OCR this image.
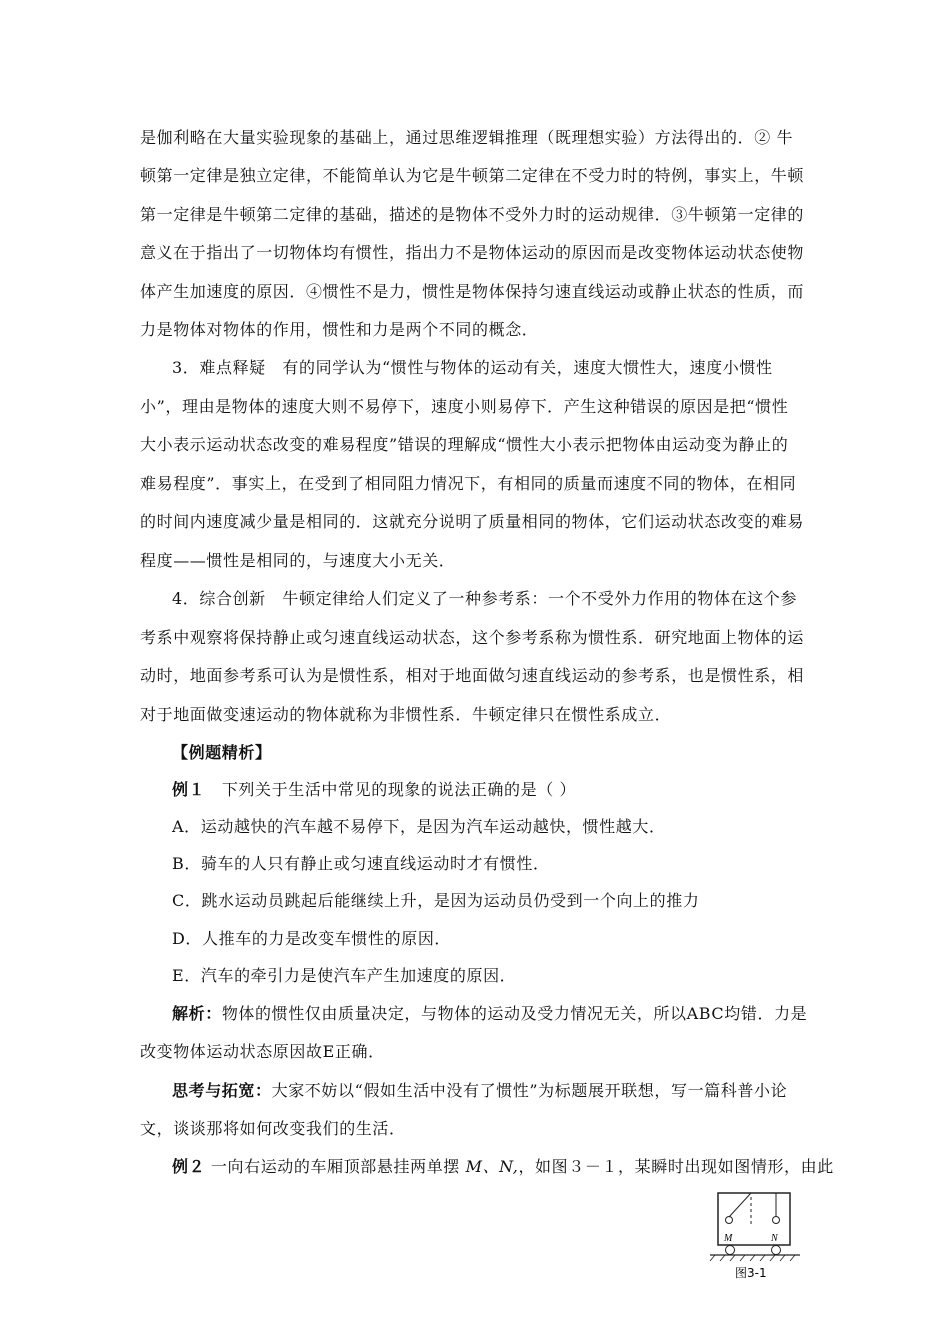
是伽利略在大量实验现象的基础上，通过思维逻辑推理（既理想实验）方法得出的．② 牛
顿第一定律是独立定律，不能简单认为它是牛顿第二定律在不受力时的特例，事实上，牛顿
第一定律是牛顿第二定律的基础，描述的是物体不受外力时的运动规律．③牛顿第一定律的
意义在于指出了一切物体均有惯性，指出力不是物体运动的原因而是改变物体运动状态使物
体产生加速度的原因．④惯性不是力，惯性是物体保持匀速直线运动或静止状态的性质，而
力是物体对物体的作用，惯性和力是两个不同的概念．
3．难点释疑　有的同学认为“惯性与物体的运动有关，速度大惯性大，速度小惯性
小”，理由是物体的速度大则不易停下，速度小则易停下．产生这种错误的原因是把“惯性
大小表示运动状态改变的难易程度”错误的理解成“惯性大小表示把物体由运动变为静止的
难易程度”．事实上，在受到了相同阻力情况下，有相同的质量而速度不同的物体，在相同
的时间内速度减少量是相同的．这就充分说明了质量相同的物体，它们运动状态改变的难易
程度——惯性是相同的，与速度大小无关．
4．综合创新　牛顿定律给人们定义了一种参考系：一个不受外力作用的物体在这个参
考系中观察将保持静止或匀速直线运动状态，这个参考系称为惯性系．研究地面上物体的运
动时，地面参考系可认为是惯性系，相对于地面做匀速直线运动的参考系，也是惯性系，相
对于地面做变速运动的物体就称为非惯性系．牛顿定律只在惯性系成立．
【例题精析】
例１　 下列关于生活中常见的现象的说法正确的是（ ）
A．运动越快的汽车越不易停下，是因为汽车运动越快，惯性越大．
B．骑车的人只有静止或匀速直线运动时才有惯性．
C．跳水运动员跳起后能继续上升，是因为运动员仍受到一个向上的推力
D．人推车的力是改变车惯性的原因．
E．汽车的牵引力是使汽车产生加速度的原因．
解析：物体的惯性仅由质量决定，与物体的运动及受力情况无关，所以ABC均错．力是
改变物体运动状态原因故E正确．
思考与拓宽：大家不妨以“假如生活中没有了惯性”为标题展开联想，写一篇科普小论
文，谈谈那将如何改变我们的生活．
例２ 一向右运动的车厢顶部悬挂两单摆 M、N,，如图３－１，某瞬时出现如图情形，由此
M	N
图3-1
